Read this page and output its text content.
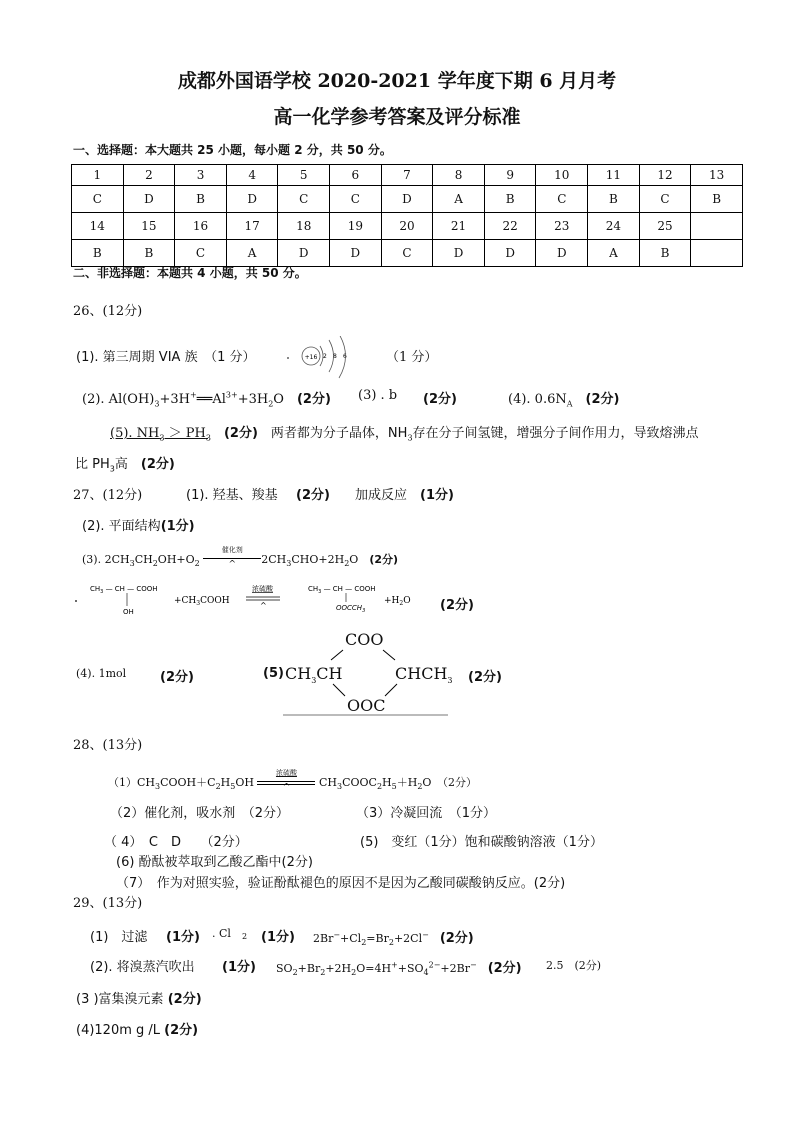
成都外国语学校 2020-2021 学年度下期 6 月月考
高一化学参考答案及评分标准
一、选择题：本大题共 25 小题，每小题 2 分，共 50 分。
1	2	3	4	5	6	7	8	9	10	11	12	13
C	D	B	D	C	C	D	A	B	C	B	C	B
14	15	16	17	18	19	20	21	22	23	24	25	
B	B	C	A	D	D	C	D	D	D	A	B	
二、非选择题：本题共 4 小题，共 50 分。
26、(12分)
(1). 第三周期 VIA 族　（1 分）	+16 2 8 6	（1 分）
(2). $Al(OH)_3+3H^+══Al^{3+}+3H_2O$　(2分) (3) . b (2分)	(4). $0.6N_A$　 (2分)
(5). $NH_3 > PH_3$　 (2分)　 两者都为分子晶体，$NH_3$存在分子间氢键，增强分子间作用力，导致熔沸点
比 $PH_3$高　 (2分)
27、(12分)	(1). 羟基、羧基 (2分) 加成反应 (1分)
(2). 平面结构(1分)
(3). $2CH_3CH_2OH+O_2$
催化剂
^	$2CH_3CHO+2H_2O$　(2分)
$CH_3$ — CH — COOH
OH
$+CH_3COOH$
浓硫酸
^
$CH_3$ — CH — COOH
$OOCCH_3$
$+H_2O$ (2分)
(4). 1mol	(2分)	(5)
COO
$CH_3CH$	$CHCH_3$
OOC
(2分)
28、(13分)
$(1)CH_3COOH+C_2H_5OH$
浓硫酸
^	$CH_3COOC_2H_5+H_2O$　（2分）
（2）催化剂，吸水剂　（2分）	（3）冷凝回流　（1分）
（ 4）　C　D　　（2分）	(5)　变红（1分）饱和碳酸钠溶液（1分）
(6) 酚酞被萃取到乙酸乙酯中(2分)
（7）　作为对照实验，验证酚酞褪色的原因不是因为乙酸同碳酸钠反应。(2分)
29、(13分)
(1)　过滤 (1分) . Cl 2 (1分) $2Br^-+Cl_2=Br_2+2Cl^-$　 (2分)
(2). 将溴蒸汽吹出 (1分) $SO_2+Br_2+2H_2O=4H^++SO_4^{2-}+2Br^-$　 (2分) 2.5　(2分)
(3 )富集溴元素 (2分)
(4)120m g /L (2分)
